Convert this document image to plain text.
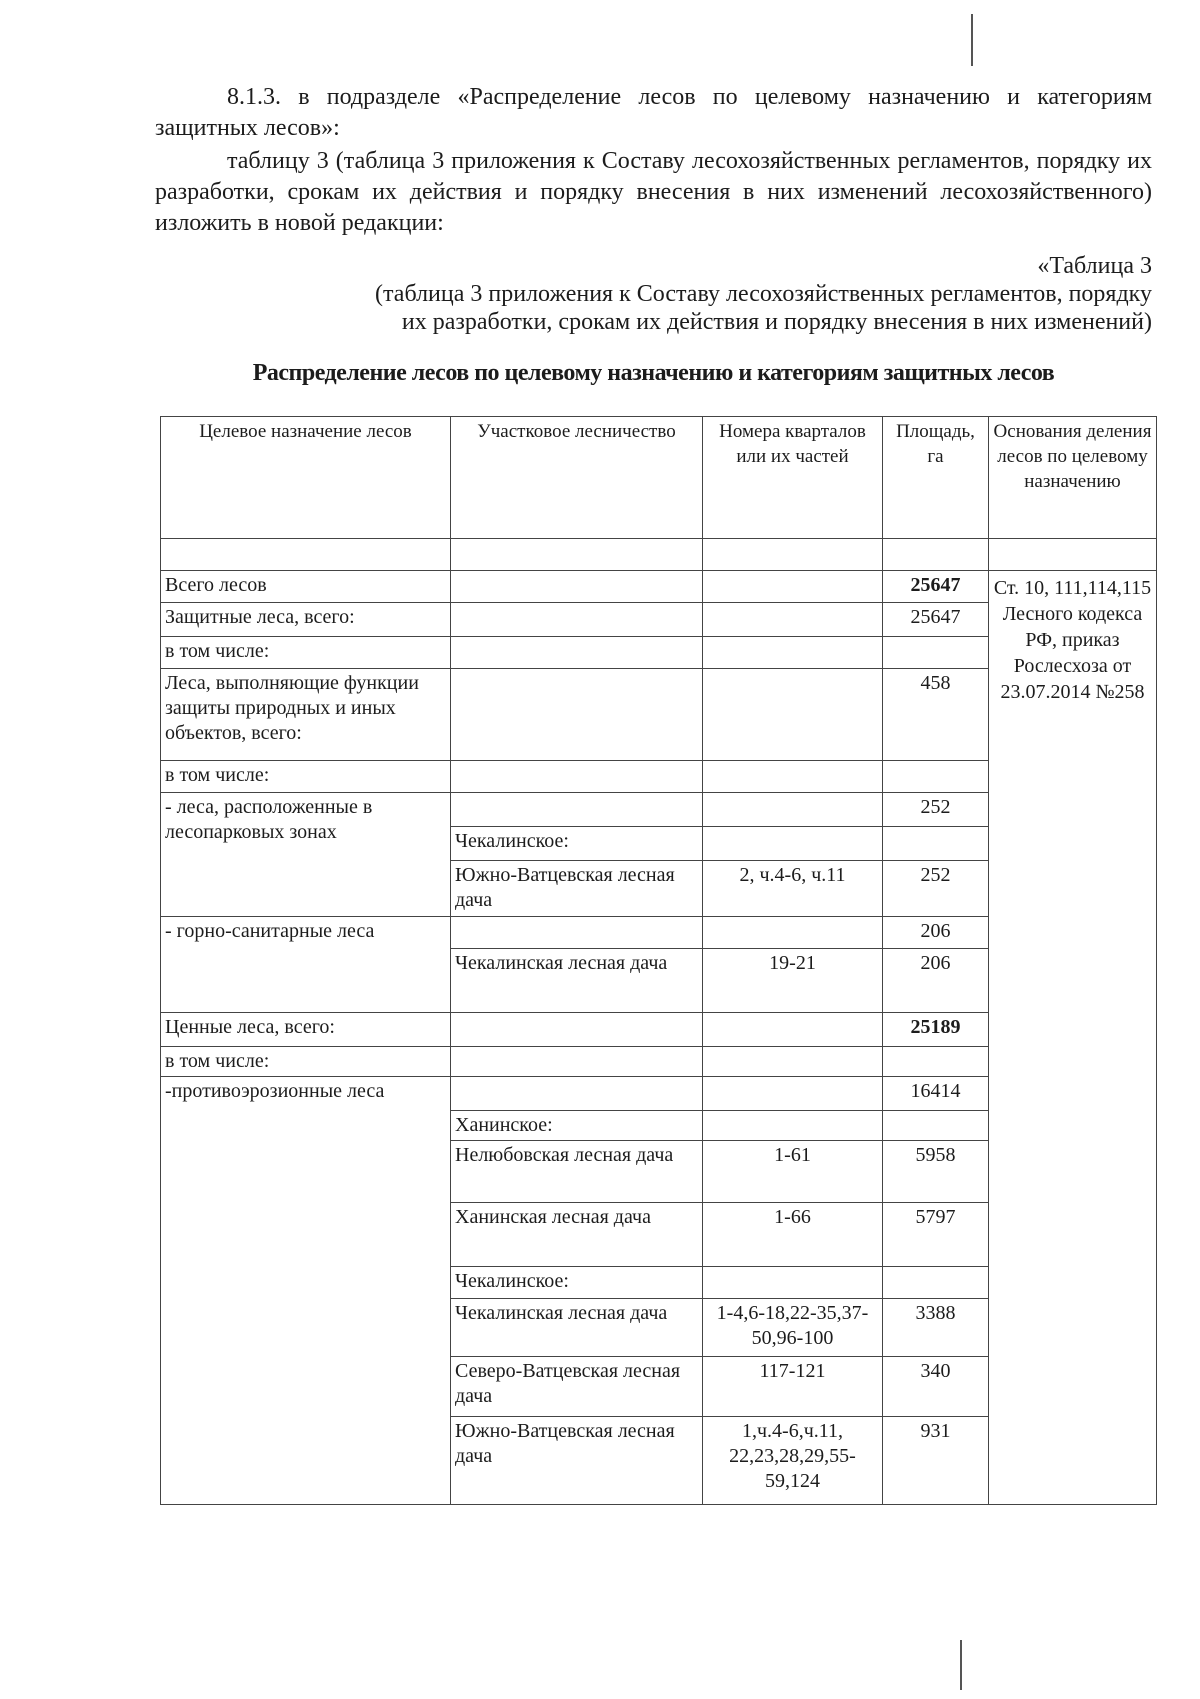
8.1.3. в подразделе «Распределение лесов по целевому назначению и категориям защитных лесов»:

таблицу 3 (таблица 3 приложения к Составу лесохозяйственных регламентов, порядку их разработки, срокам их действия и порядку внесения в них изменений лесохозяйственного) изложить в новой редакции:

«Таблица 3

(таблица 3 приложения к Составу лесохозяйственных регламентов, порядку

их разработки, срокам их действия и порядку внесения в них изменений)

Распределение лесов по целевому назначению и категориям защитных лесов

Целевое назначение лесов	Участковое лесничество	Номера кварталов или их частей	Площадь, га	Основания деления лесов по целевому назначению

Всего лесов			25647	Ст. 10, 111,114,115 Лесного кодекса РФ, приказ Рослесхоза от 23.07.2014 №258
Защитные леса, всего:			25647	
в том числе:				
Леса, выполняющие функции защиты природных и иных объектов, всего:			458	
в том числе:				
- леса, расположенные в лесопарковых зонах			252	
	Чекалинское:			
	Южно-Ватцевская лесная дача	2, ч.4-6, ч.11	252	
- горно-санитарные леса			206	
	Чекалинская лесная дача	19-21	206	
Ценные леса, всего:			25189	
в том числе:				
-противоэрозионные леса			16414	
	Ханинское:			
	Нелюбовская лесная дача	1-61	5958	
	Ханинская лесная дача	1-66	5797	
	Чекалинское:			
	Чекалинская лесная дача	1-4,6-18,22-35,37-50,96-100	3388	
	Северо-Ватцевская лесная дача	117-121	340	
	Южно-Ватцевская лесная дача	1,ч.4-6,ч.11, 22,23,28,29,55-59,124	931	
